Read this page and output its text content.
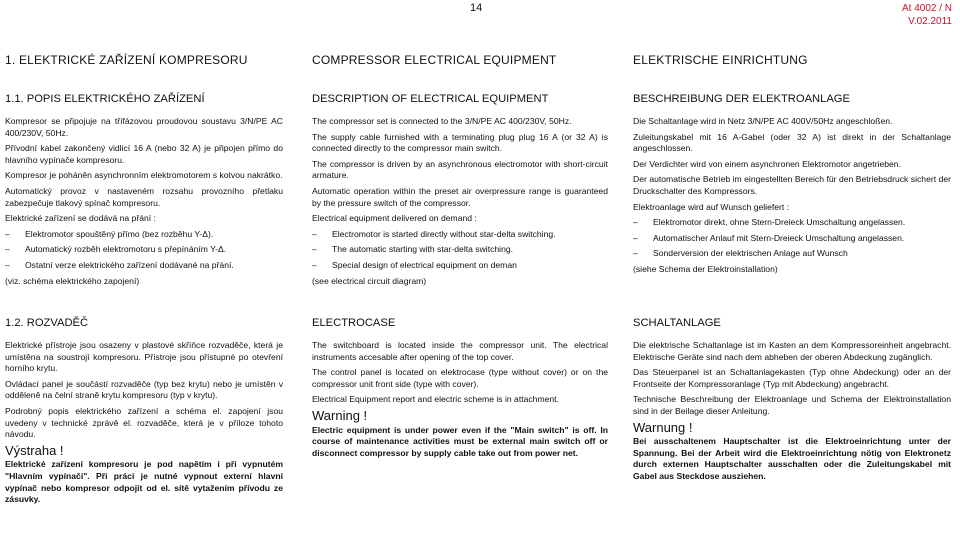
14	At 4002 / N
V.02.2011
1. ELEKTRICKÉ ZAŘÍZENÍ KOMPRESORU	COMPRESSOR ELECTRICAL EQUIPMENT	ELEKTRISCHE EINRICHTUNG
1.1. POPIS ELEKTRICKÉHO ZAŘÍZENÍ	DESCRIPTION OF ELECTRICAL EQUIPMENT	BESCHREIBUNG DER ELEKTROANLAGE

Kompresor se připojuje na třífázovou proudovou soustavu 3/N/PE AC 400/230V, 50Hz.

Přívodní kabel zakončený vidlicí 16 A (nebo 32 A) je připojen přímo do hlavního vypínače kompresoru.

Kompresor je poháněn asynchronním elektromotorem s kotvou nakrátko.

Automatický provoz v nastaveném rozsahu provozního přetlaku zabezpečuje tlakový spínač kompresoru.

Elektrické zařízení se dodává na přání :

–	Elektromotor spouštěný přímo (bez rozběhu Y-Δ).
–	Automatický rozběh elektromotoru s přepínáním Y-Δ.
–	Ostatní verze elektrického zařízení dodávané na přání.

(viz. schéma elektrického zapojení)

The compressor set is connected to the 3/N/PE AC 400/230V, 50Hz.

The supply cable furnished with a terminating plug plug 16 A (or 32 A) is connected directly to the compressor main switch.

The compressor is driven by an asynchronous electromotor with short-circuit armature.

Automatic operation within the preset air overpressure range is guaranteed by the pressure switch of the compressor.

Electrical equipment delivered on demand :

–	Electromotor is started directly without star-delta switching.
–	The automatic starting with star-delta switching.
–	Special design of electrical equipment on deman

(see electrical circuit diagram)

Die Schaltanlage wird in Netz 3/N/PE AC 400V/50Hz angeschloßen.

Zuleitungskabel mit 16 A-Gabel (oder 32 A) ist direkt in der Schaltanlage angeschlossen.

Der Verdichter wird von einem asynchronen Elektromotor angetrieben.

Der automatische Betrieb im eingestellten Bereich für den Betriebsdruck sichert der Druckschalter des Kompressors.

Elektroanlage wird auf Wunsch geliefert :

–	Elektromotor direkt, ohne Stern-Dreieck Umschaltung angelassen.
–	Automatischer Anlauf mit Stern-Dreieck Umschaltung angelassen.
–	Sonderversion der elektrischen Anlage auf Wunsch

(siehe Schema der Elektroinstallation)

1.2. ROZVADĚČ	ELECTROCASE	SCHALTANLAGE

Elektrické přístroje jsou osazeny v plastové skříňce rozvaděče, která je umístěna na soustrojí kompresoru. Přístroje jsou přístupné po otevření horního krytu.

Ovládací panel je součástí rozvaděče (typ bez krytu) nebo je umístěn v odděleně na čelní straně krytu kompresoru (typ v krytu).

Podrobný popis elektrického zařízení a schéma el. zapojení jsou uvedeny v technické zprávě el. rozvaděče, která je v příloze tohoto návodu.

Výstraha !
Elektrické zařízení kompresoru je pod napětím i při vypnutém "Hlavním vypínači". Při práci je nutné vypnout externí hlavní vypínač nebo kompresor odpojit od el. sítě vytažením přívodu ze zásuvky.

The switchboard is located inside the compressor unit. The electrical instruments accesable after opening of the top cover.

The control panel is located on elektrocase (type without cover) or on the compressor unit front side (type with cover).

Electrical Equipment report and electric scheme is in attachment.

Warning !
Electric equipment is under power even if the "Main switch" is off. In course of maintenance activities must be external main switch off or disconnect compressor by supply cable take out from power net.

Die elektrische Schaltanlage ist im Kasten an dem Kompressoreinheit angebracht. Elektrische Geräte sind nach dem abheben der oberen Abdeckung zugänglich.

Das Steuerpanel ist an Schaltanlagekasten (Typ ohne Abdeckung) oder an der Frontseite der Kompressoranlage (Typ mit Abdeckung) angebracht.

Technische Beschreibung der Elektroanlage und Schema der Elektroinstallation sind in der Beilage dieser Anleitung.

Warnung !
Bei ausschaltenem Hauptschalter ist die Elektroeinrichtung unter der Spannung. Bei der Arbeit wird die Elektroeinrichtung nötig von Elektronetz durch externen Hauptschalter ausschalten oder die Zuleitungskabel mit Gabel aus Steckdose ausziehen.
